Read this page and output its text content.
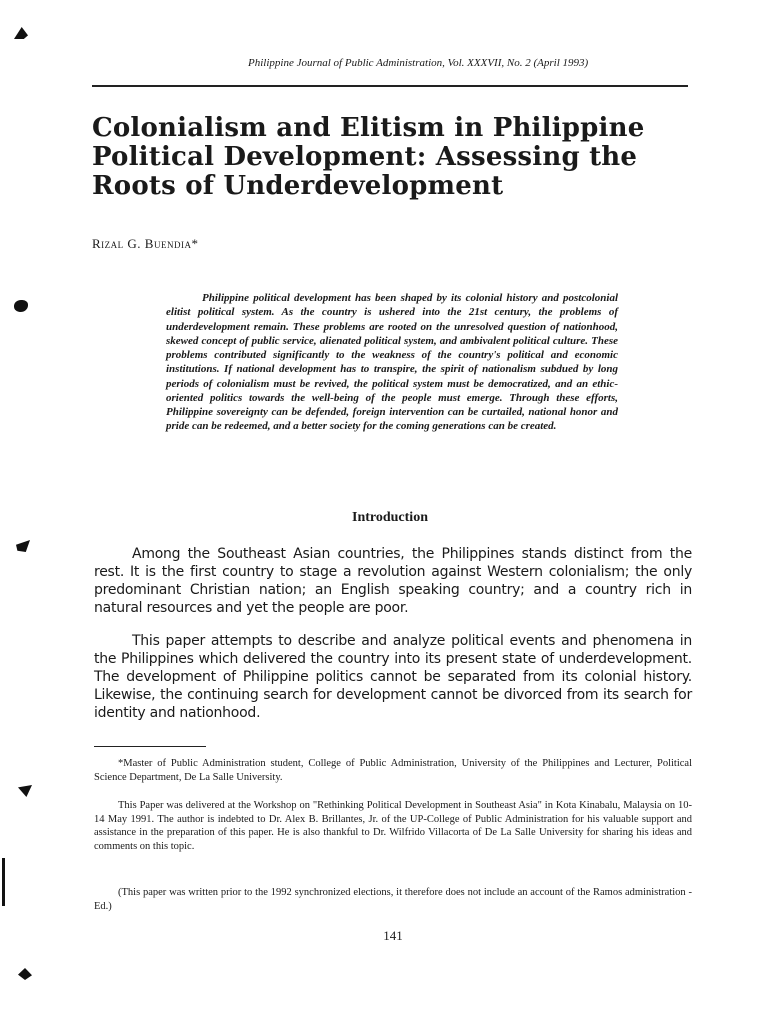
Philippine Journal of Public Administration, Vol. XXXVII, No. 2 (April 1993)
Colonialism and Elitism in Philippine Political Development: Assessing the Roots of Underdevelopment
Rizal G. Buendia*

Philippine political development has been shaped by its colonial history and postcolonial elitist political system. As the country is ushered into the 21st century, the problems of underdevelopment remain. These problems are rooted on the unresolved question of nationhood, skewed concept of public service, alienated political system, and ambivalent political culture. These problems contributed significantly to the weakness of the country's political and economic institutions. If national development has to transpire, the spirit of nationalism subdued by long periods of colonialism must be revived, the political system must be democratized, and an ethic-oriented politics towards the well-being of the people must emerge. Through these efforts, Philippine sovereignty can be defended, foreign intervention can be curtailed, national honor and pride can be redeemed, and a better society for the coming generations can be created.

Introduction

Among the Southeast Asian countries, the Philippines stands distinct from the rest. It is the first country to stage a revolution against Western colonialism; the only predominant Christian nation; an English speaking country; and a country rich in natural resources and yet the people are poor.

This paper attempts to describe and analyze political events and phenomena in the Philippines which delivered the country into its present state of underdevelopment. The development of Philippine politics cannot be separated from its colonial history. Likewise, the continuing search for development cannot be divorced from its search for identity and nationhood.

*Master of Public Administration student, College of Public Administration, University of the Philippines and Lecturer, Political Science Department, De La Salle University.

This Paper was delivered at the Workshop on "Rethinking Political Development in Southeast Asia" in Kota Kinabalu, Malaysia on 10-14 May 1991. The author is indebted to Dr. Alex B. Brillantes, Jr. of the UP-College of Public Administration for his valuable support and assistance in the preparation of this paper. He is also thankful to Dr. Wilfrido Villacorta of De La Salle University for sharing his ideas and comments on this topic.

(This paper was written prior to the 1992 synchronized elections, it therefore does not include an account of the Ramos administration - Ed.)

141
